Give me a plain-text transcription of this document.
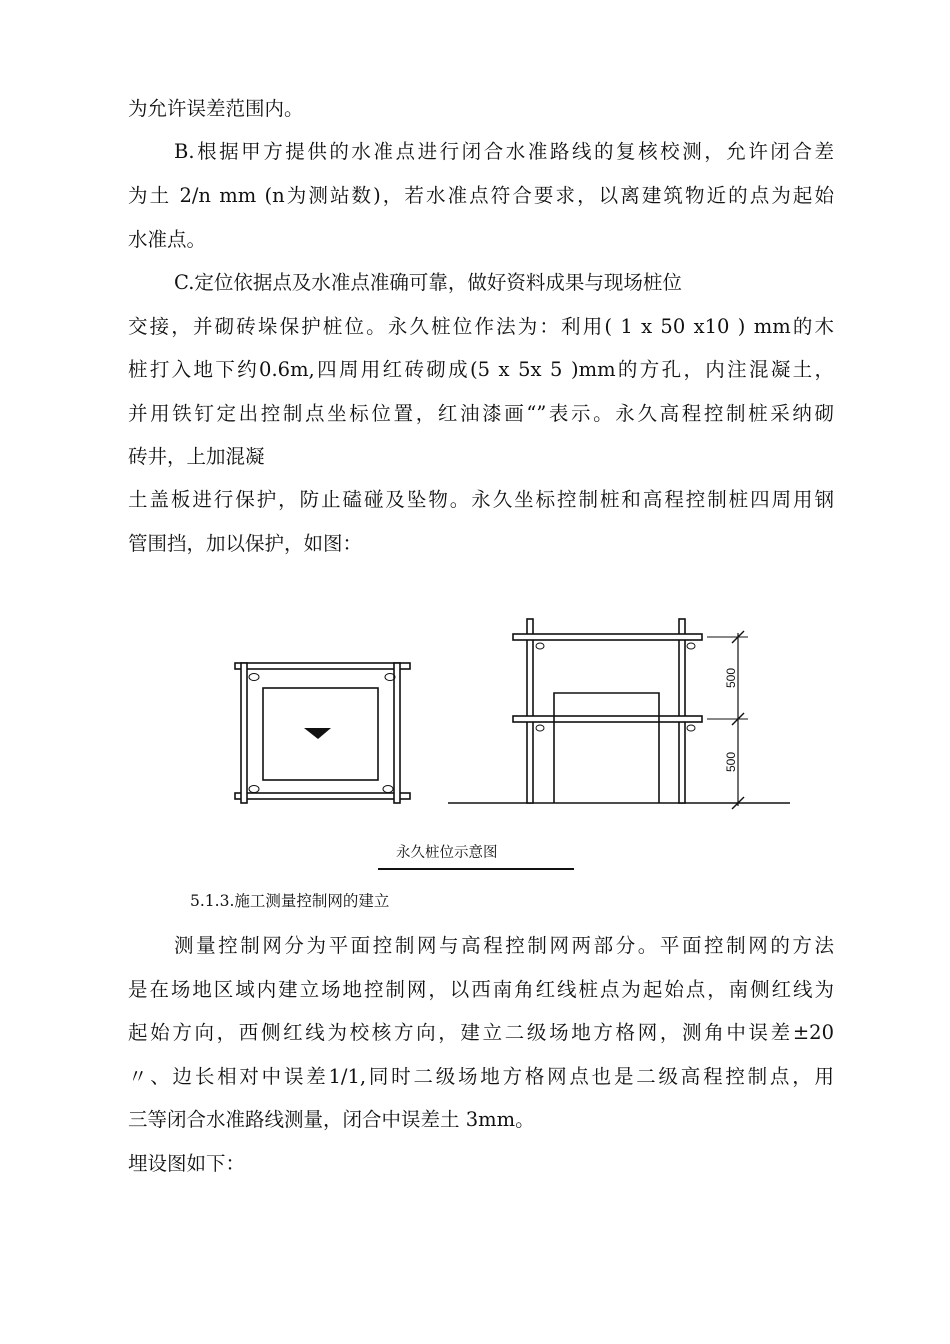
为允许误差范围内。

B.根据甲方提供的水准点进行闭合水准路线的复核校测，允许闭合差

为土 2/n mm (n为测站数)，若水准点符合要求，以离建筑物近的点为起始

水准点。

C.定位依据点及水准点准确可靠，做好资料成果与现场桩位

交接，并砌砖垛保护桩位。永久桩位作法为：利用( 1 x 50 x10 ) mm的木

桩打入地下约0.6m,四周用红砖砌成(5 x 5x 5 )mm的方孔，内注混凝土，

并用铁钉定出控制点坐标位置，红油漆画“”表示。永久高程控制桩采纳砌

砖井，上加混凝

土盖板进行保护，防止磕碰及坠物。永久坐标控制桩和高程控制桩四周用钢

管围挡，加以保护，如图：

500
500
永久桩位示意图
5.1.3.施工测量控制网的建立

测量控制网分为平面控制网与高程控制网两部分。平面控制网的方法

是在场地区域内建立场地控制网，以西南角红线桩点为起始点，南侧红线为

起始方向，西侧红线为校核方向，建立二级场地方格网，测角中误差±20

〃、边长相对中误差1/1,同时二级场地方格网点也是二级高程控制点，用

三等闭合水准路线测量，闭合中误差土 3mm。

埋设图如下：
